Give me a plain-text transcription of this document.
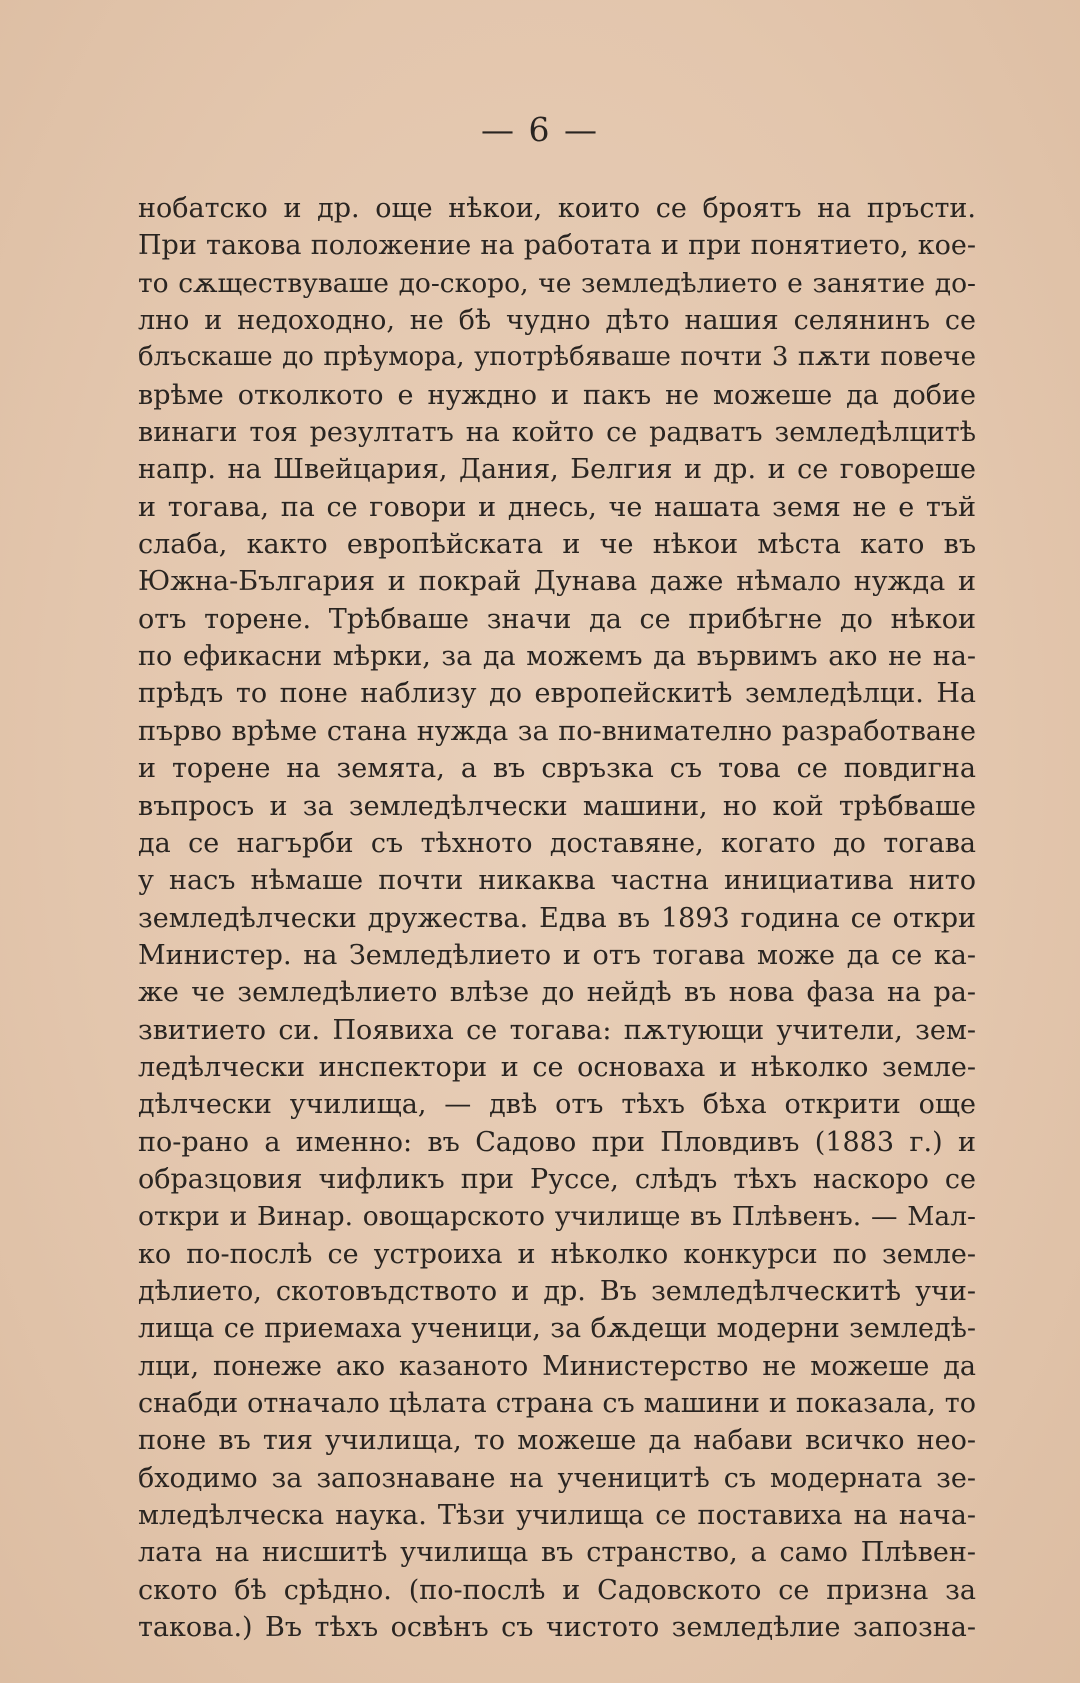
— 6 —
нобатско и др. още нѣкои, които се броятъ на пръсти.
При такова положение на работата и при понятието, кое-
то сѫществуваше до-скоро, че земледѣлието е занятие до-
лно и недоходно, не бѣ чудно дѣто нашия селянинъ се
блъскаше до прѣумора, употрѣбяваше почти 3 пѫти повече
врѣме отколкото е нуждно и пакъ не можеше да добие
винаги тоя резултатъ на който се радватъ земледѣлцитѣ
напр. на Швейцария, Дания, Белгия и др. и се говореше
и тогава, па се говори и днесь, че нашата земя не е тъй
слаба, както европѣйската и че нѣкои мѣста като въ
Южна-България и покрай Дунава даже нѣмало нужда и
отъ торене. Трѣбваше значи да се прибѣгне до нѣкои
по ефикасни мѣрки, за да можемъ да вървимъ ако не на-
прѣдъ то поне наблизу до европейскитѣ земледѣлци. На
първо врѣме стана нужда за по-внимателно разработване
и торене на земята, а въ свръзка съ това се повдигна
въпросъ и за земледѣлчески машини, но кой трѣбваше
да се нагърби съ тѣхното доставяне, когато до тогава
у насъ нѣмаше почти никаква частна инициатива нито
земледѣлчески дружества. Едва въ 1893 година се откри
Министер. на Земледѣлието и отъ тогава може да се ка-
же че земледѣлието влѣзе до нейдѣ въ нова фаза на ра-
звитието си. Появиха се тогава: пѫтующи учители, зем-
ледѣлчески инспектори и се основаха и нѣколко земле-
дѣлчески училища, — двѣ отъ тѣхъ бѣха открити още
по-рано а именно: въ Садово при Пловдивъ (1883 г.) и
образцовия чифликъ при Руссе, слѣдъ тѣхъ наскоро се
откри и Винар. овощарското училище въ Плѣвенъ. — Мал-
ко по-послѣ се устроиха и нѣколко конкурси по земле-
дѣлието, скотовъдството и др. Въ земледѣлческитѣ учи-
лища се приемаха ученици, за бѫдещи модерни земледѣ-
лци, понеже ако казаното Министерство не можеше да
снабди отначало цѣлата страна съ машини и показала, то
поне въ тия училища, то можеше да набави всичко нео-
бходимо за запознаване на ученицитѣ съ модерната зе-
мледѣлческа наука. Тѣзи училища се поставиха на нача-
лата на нисшитѣ училища въ странство, а само Плѣвен-
ското бѣ срѣдно. (по-послѣ и Садовското се призна за
такова.) Въ тѣхъ освѣнъ съ чистото земледѣлие запозна-
